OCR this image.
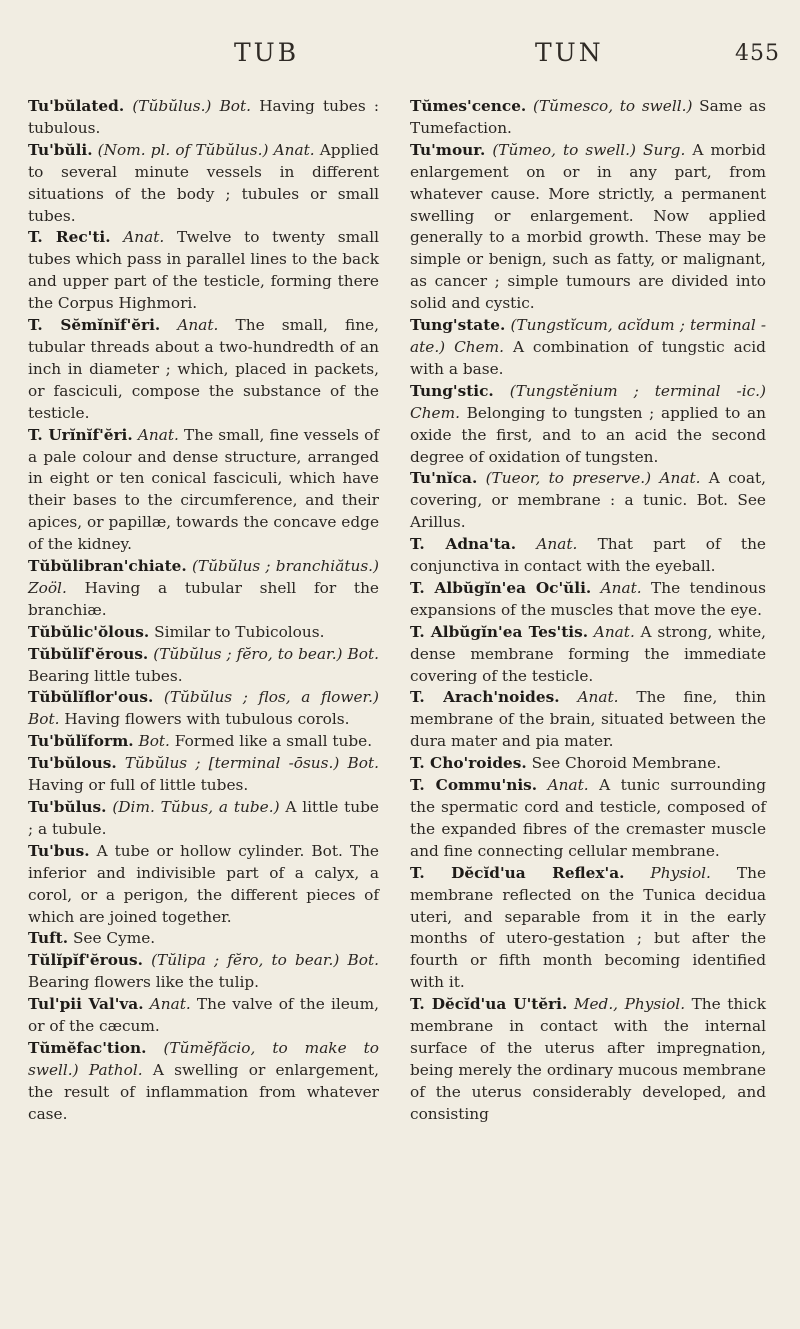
TUB	TUN	455

Tu'bŭlated. (Tŭbŭlus.) Bot. Having tubes : tubulous.

Tu'bŭli. (Nom. pl. of Tŭbŭlus.) Anat. Applied to several minute vessels in different situations of the body ; tubules or small tubes.

T. Rec'ti. Anat. Twelve to twenty small tubes which pass in parallel lines to the back and upper part of the testicle, forming there the Corpus Highmori.

T. Sĕmĭnĭf'ĕri. Anat. The small, fine, tubular threads about a two-hundredth of an inch in diameter ; which, placed in packets, or fasciculi, compose the substance of the testicle.

T. Urĭnĭf'ĕri. Anat. The small, fine vessels of a pale colour and dense structure, arranged in eight or ten conical fasciculi, which have their bases to the circumference, and their apices, or papillæ, towards the concave edge of the kidney.

Tŭbŭlibran'chiate. (Tŭbŭlus ; branchiătus.) Zoöl. Having a tubular shell for the branchiæ.

Tŭbŭlic'ŏlous. Similar to Tubicolous.

Tŭbŭlĭf'ĕrous. (Tŭbŭlus ; fĕro, to bear.) Bot. Bearing little tubes.

Tŭbŭlĭflor'ous. (Tŭbŭlus ; flos, a flower.) Bot. Having flowers with tubulous corols.

Tu'bŭlĭform. Bot. Formed like a small tube.

Tu'bŭlous. Tŭbŭlus ; [terminal -ōsus.) Bot. Having or full of little tubes.

Tu'bŭlus. (Dim. Tŭbus, a tube.) A little tube ; a tubule.

Tu'bus. A tube or hollow cylinder. Bot. The inferior and indivisible part of a calyx, a corol, or a perigon, the different pieces of which are joined together.

Tuft. See Cyme.

Tŭlĭpĭf'ĕrous. (Tŭlipa ; fĕro, to bear.) Bot. Bearing flowers like the tulip.

Tul'pii Val'va. Anat. The valve of the ileum, or of the cæcum.

Tŭmĕfac'tion. (Tŭmĕfăcio, to make to swell.) Pathol. A swelling or enlargement, the result of inflammation from whatever case.

Tŭmes'cence. (Tŭmesco, to swell.) Same as Tumefaction.

Tu'mour. (Tŭmeo, to swell.) Surg. A morbid enlargement on or in any part, from whatever cause. More strictly, a permanent swelling or enlargement. Now applied generally to a morbid growth. These may be simple or benign, such as fatty, or malignant, as cancer ; simple tumours are divided into solid and cystic.

Tung'state. (Tungstĭcum, acĭdum ; terminal -ate.) Chem. A combination of tungstic acid with a base.

Tung'stic. (Tungstĕnium ; terminal -ic.) Chem. Belonging to tungsten ; applied to an oxide the first, and to an acid the second degree of oxidation of tungsten.

Tu'nĭca. (Tueor, to preserve.) Anat. A coat, covering, or membrane : a tunic. Bot. See Arillus.

T. Adna'ta. Anat. That part of the conjunctiva in contact with the eyeball.

T. Albŭgĭn'ea Oc'ŭli. Anat. The tendinous expansions of the muscles that move the eye.

T. Albŭgĭn'ea Tes'tis. Anat. A strong, white, dense membrane forming the immediate covering of the testicle.

T. Arach'noides. Anat. The fine, thin membrane of the brain, situated between the dura mater and pia mater.

T. Cho'roides. See Choroid Membrane.

T. Commu'nis. Anat. A tunic surrounding the spermatic cord and testicle, composed of the expanded fibres of the cremaster muscle and fine connecting cellular membrane.

T. Dĕcĭd'ua Reflex'a. Physiol. The membrane reflected on the Tunica decidua uteri, and separable from it in the early months of utero-gestation ; but after the fourth or fifth month becoming identified with it.

T. Dĕcĭd'ua U'tĕri. Med., Physiol. The thick membrane in contact with the internal surface of the uterus after impregnation, being merely the ordinary mucous membrane of the uterus considerably developed, and consisting
